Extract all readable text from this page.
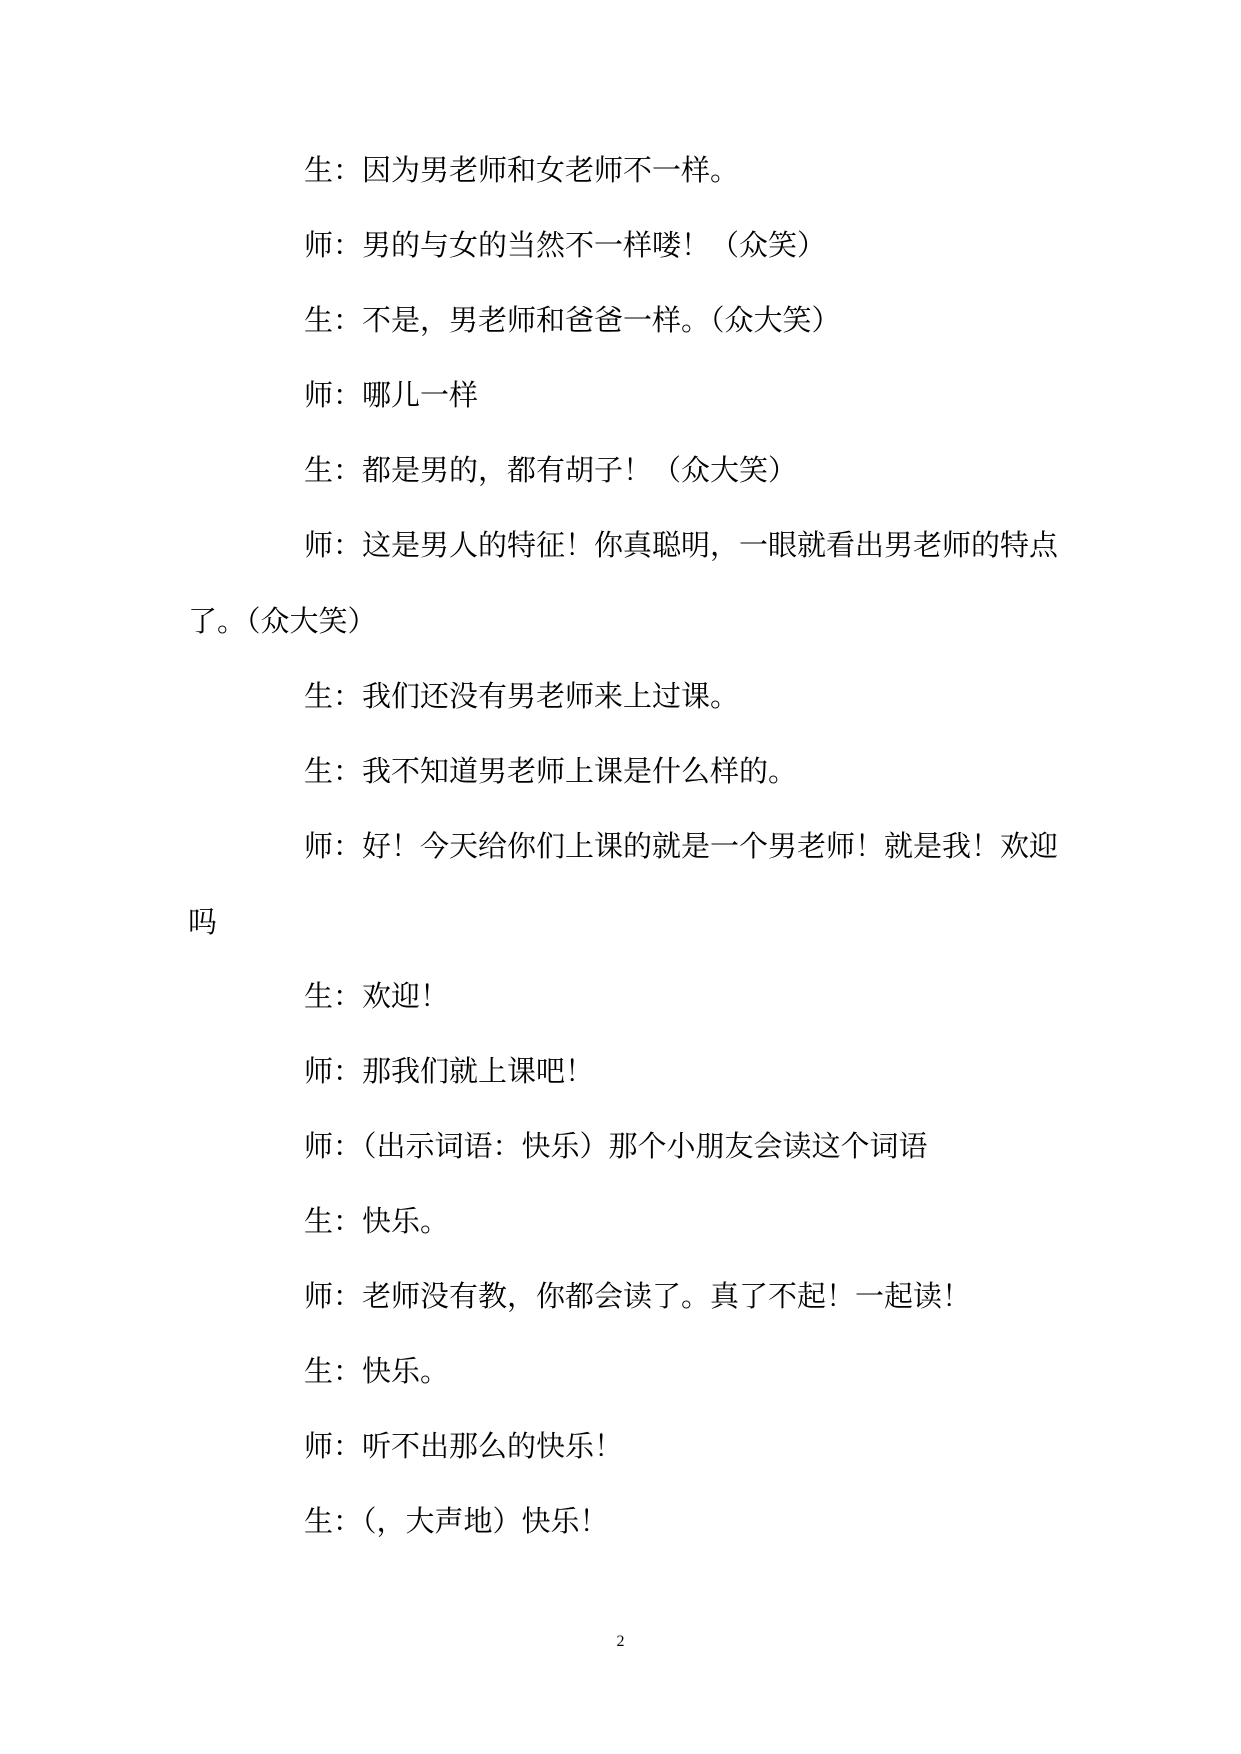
生：因为男老师和女老师不一样。

师：男的与女的当然不一样喽！（众笑）

生：不是，男老师和爸爸一样。（众大笑）

师：哪儿一样

生：都是男的，都有胡子！（众大笑）

师：这是男人的特征！你真聪明，一眼就看出男老师的特点了。（众大笑）

生：我们还没有男老师来上过课。

生：我不知道男老师上课是什么样的。

师：好！今天给你们上课的就是一个男老师！就是我！欢迎吗

生：欢迎！

师：那我们就上课吧！

师：（出示词语：快乐）那个小朋友会读这个词语

生：快乐。

师：老师没有教，你都会读了。真了不起！一起读！

生：快乐。

师：听不出那么的快乐！

生：（，大声地）快乐！

2
